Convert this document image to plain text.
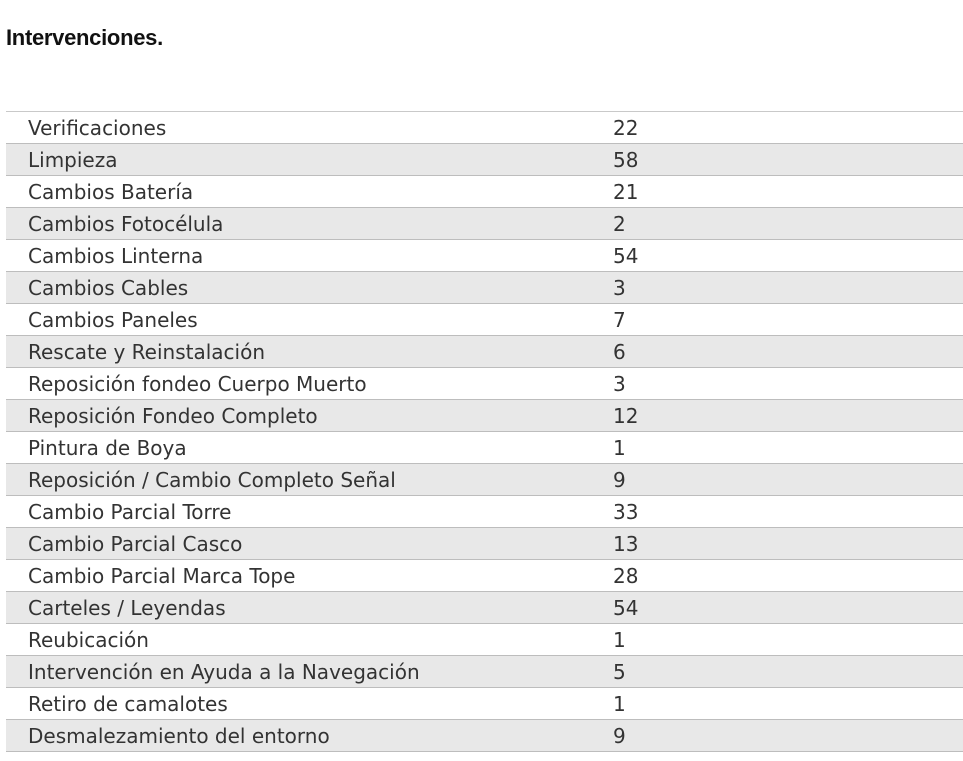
Intervenciones.
Verificaciones	22
Limpieza	58
Cambios Batería	21
Cambios Fotocélula	2
Cambios Linterna	54
Cambios Cables	3
Cambios Paneles	7
Rescate y Reinstalación	6
Reposición fondeo Cuerpo Muerto	3
Reposición Fondeo Completo	12
Pintura de Boya	1
Reposición / Cambio Completo Señal	9
Cambio Parcial Torre	33
Cambio Parcial Casco	13
Cambio Parcial Marca Tope	28
Carteles / Leyendas	54
Reubicación	1
Intervención en Ayuda a la Navegación	5
Retiro de camalotes	1
Desmalezamiento del entorno	9
